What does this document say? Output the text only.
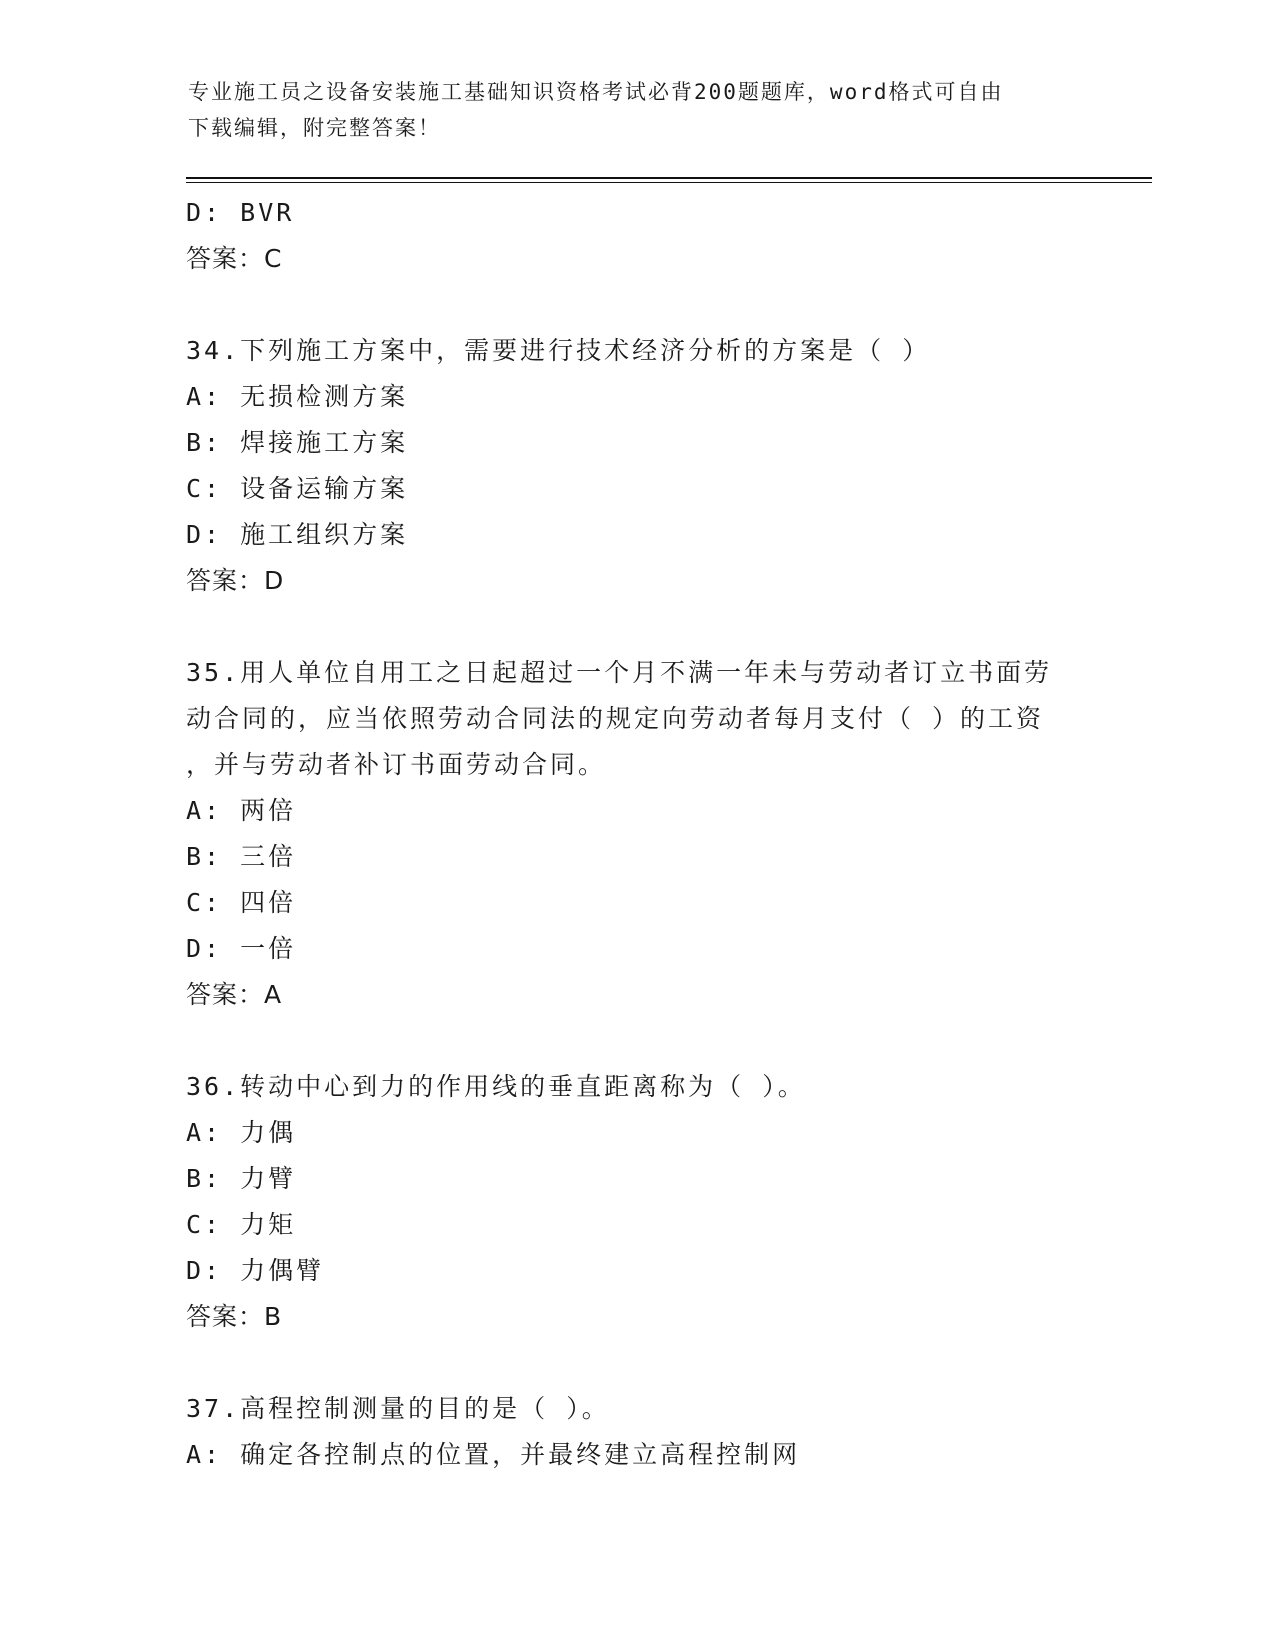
专业施工员之设备安装施工基础知识资格考试必背200题题库，word格式可自由
下载编辑，附完整答案！
D: BVR
答案：C
34.下列施工方案中，需要进行技术经济分析的方案是（ ）
A: 无损检测方案
B: 焊接施工方案
C: 设备运输方案
D: 施工组织方案
答案：D
35.用人单位自用工之日起超过一个月不满一年未与劳动者订立书面劳
动合同的，应当依照劳动合同法的规定向劳动者每月支付（ ）的工资
，并与劳动者补订书面劳动合同。
A: 两倍
B: 三倍
C: 四倍
D: 一倍
答案：A
36.转动中心到力的作用线的垂直距离称为（ ）。
A: 力偶
B: 力臂
C: 力矩
D: 力偶臂
答案：B
37.高程控制测量的目的是（ ）。
A: 确定各控制点的位置，并最终建立高程控制网
